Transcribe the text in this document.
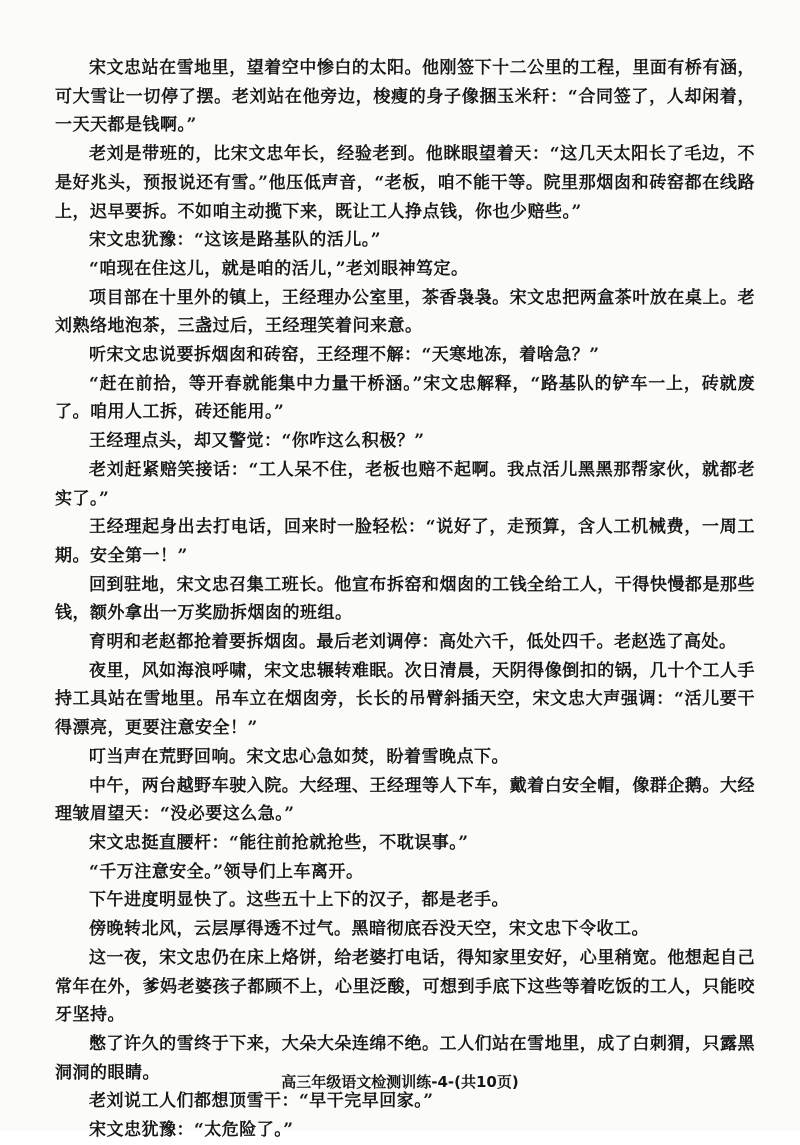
宋文忠站在雪地里，望着空中惨白的太阳。他刚签下十二公里的工程，里面有桥有涵，可大雪让一切停了摆。老刘站在他旁边，梭瘦的身子像捆玉米秆：“合同签了，人却闲着，一天天都是钱啊。”

老刘是带班的，比宋文忠年长，经验老到。他眯眼望着天：“这几天太阳长了毛边，不是好兆头，预报说还有雪。”他压低声音，“老板，咱不能干等。院里那烟囱和砖窑都在线路上，迟早要拆。不如咱主动揽下来，既让工人挣点钱，你也少赔些。”

宋文忠犹豫：“这该是路基队的活儿。”

“咱现在住这儿，就是咱的活儿，”老刘眼神笃定。

项目部在十里外的镇上，王经理办公室里，茶香袅袅。宋文忠把两盒茶叶放在桌上。老刘熟络地泡茶，三盏过后，王经理笑着问来意。

听宋文忠说要拆烟囱和砖窑，王经理不解：“天寒地冻，着啥急？”

“赶在前拾，等开春就能集中力量干桥涵。”宋文忠解释，“路基队的铲车一上，砖就废了。咱用人工拆，砖还能用。”

王经理点头，却又警觉：“你咋这么积极？”

老刘赶紧赔笑接话：“工人呆不住，老板也赔不起啊。我点活儿黑黑那帮家伙，就都老实了。”

王经理起身出去打电话，回来时一脸轻松：“说好了，走预算，含人工机械费，一周工期。安全第一！”

回到驻地，宋文忠召集工班长。他宣布拆窑和烟囱的工钱全给工人，干得快慢都是那些钱，额外拿出一万奖励拆烟囱的班组。

育明和老赵都抢着要拆烟囱。最后老刘调停：高处六千，低处四千。老赵选了高处。

夜里，风如海浪呼啸，宋文忠辗转难眠。次日清晨，天阴得像倒扣的锅，几十个工人手持工具站在雪地里。吊车立在烟囱旁，长长的吊臂斜插天空，宋文忠大声强调：“活儿要干得漂亮，更要注意安全！”

叮当声在荒野回响。宋文忠心急如焚，盼着雪晚点下。

中午，两台越野车驶入院。大经理、王经理等人下车，戴着白安全帽，像群企鹅。大经理皱眉望天：“没必要这么急。”

宋文忠挺直腰杆：“能往前抢就抢些，不耽误事。”

“千万注意安全。”领导们上车离开。

下午进度明显快了。这些五十上下的汉子，都是老手。

傍晚转北风，云层厚得透不过气。黑暗彻底吞没天空，宋文忠下令收工。

这一夜，宋文忠仍在床上烙饼，给老婆打电话，得知家里安好，心里稍宽。他想起自己常年在外，爹妈老婆孩子都顾不上，心里泛酸，可想到手底下这些等着吃饭的工人，只能咬牙坚持。

憋了许久的雪终于下来，大朵大朵连绵不绝。工人们站在雪地里，成了白刺猬，只露黑洞洞的眼睛。

老刘说工人们都想顶雪干：“早干完早回家。”

宋文忠犹豫：“太危险了。”

高三年级语文检测训练-4-(共10页)
